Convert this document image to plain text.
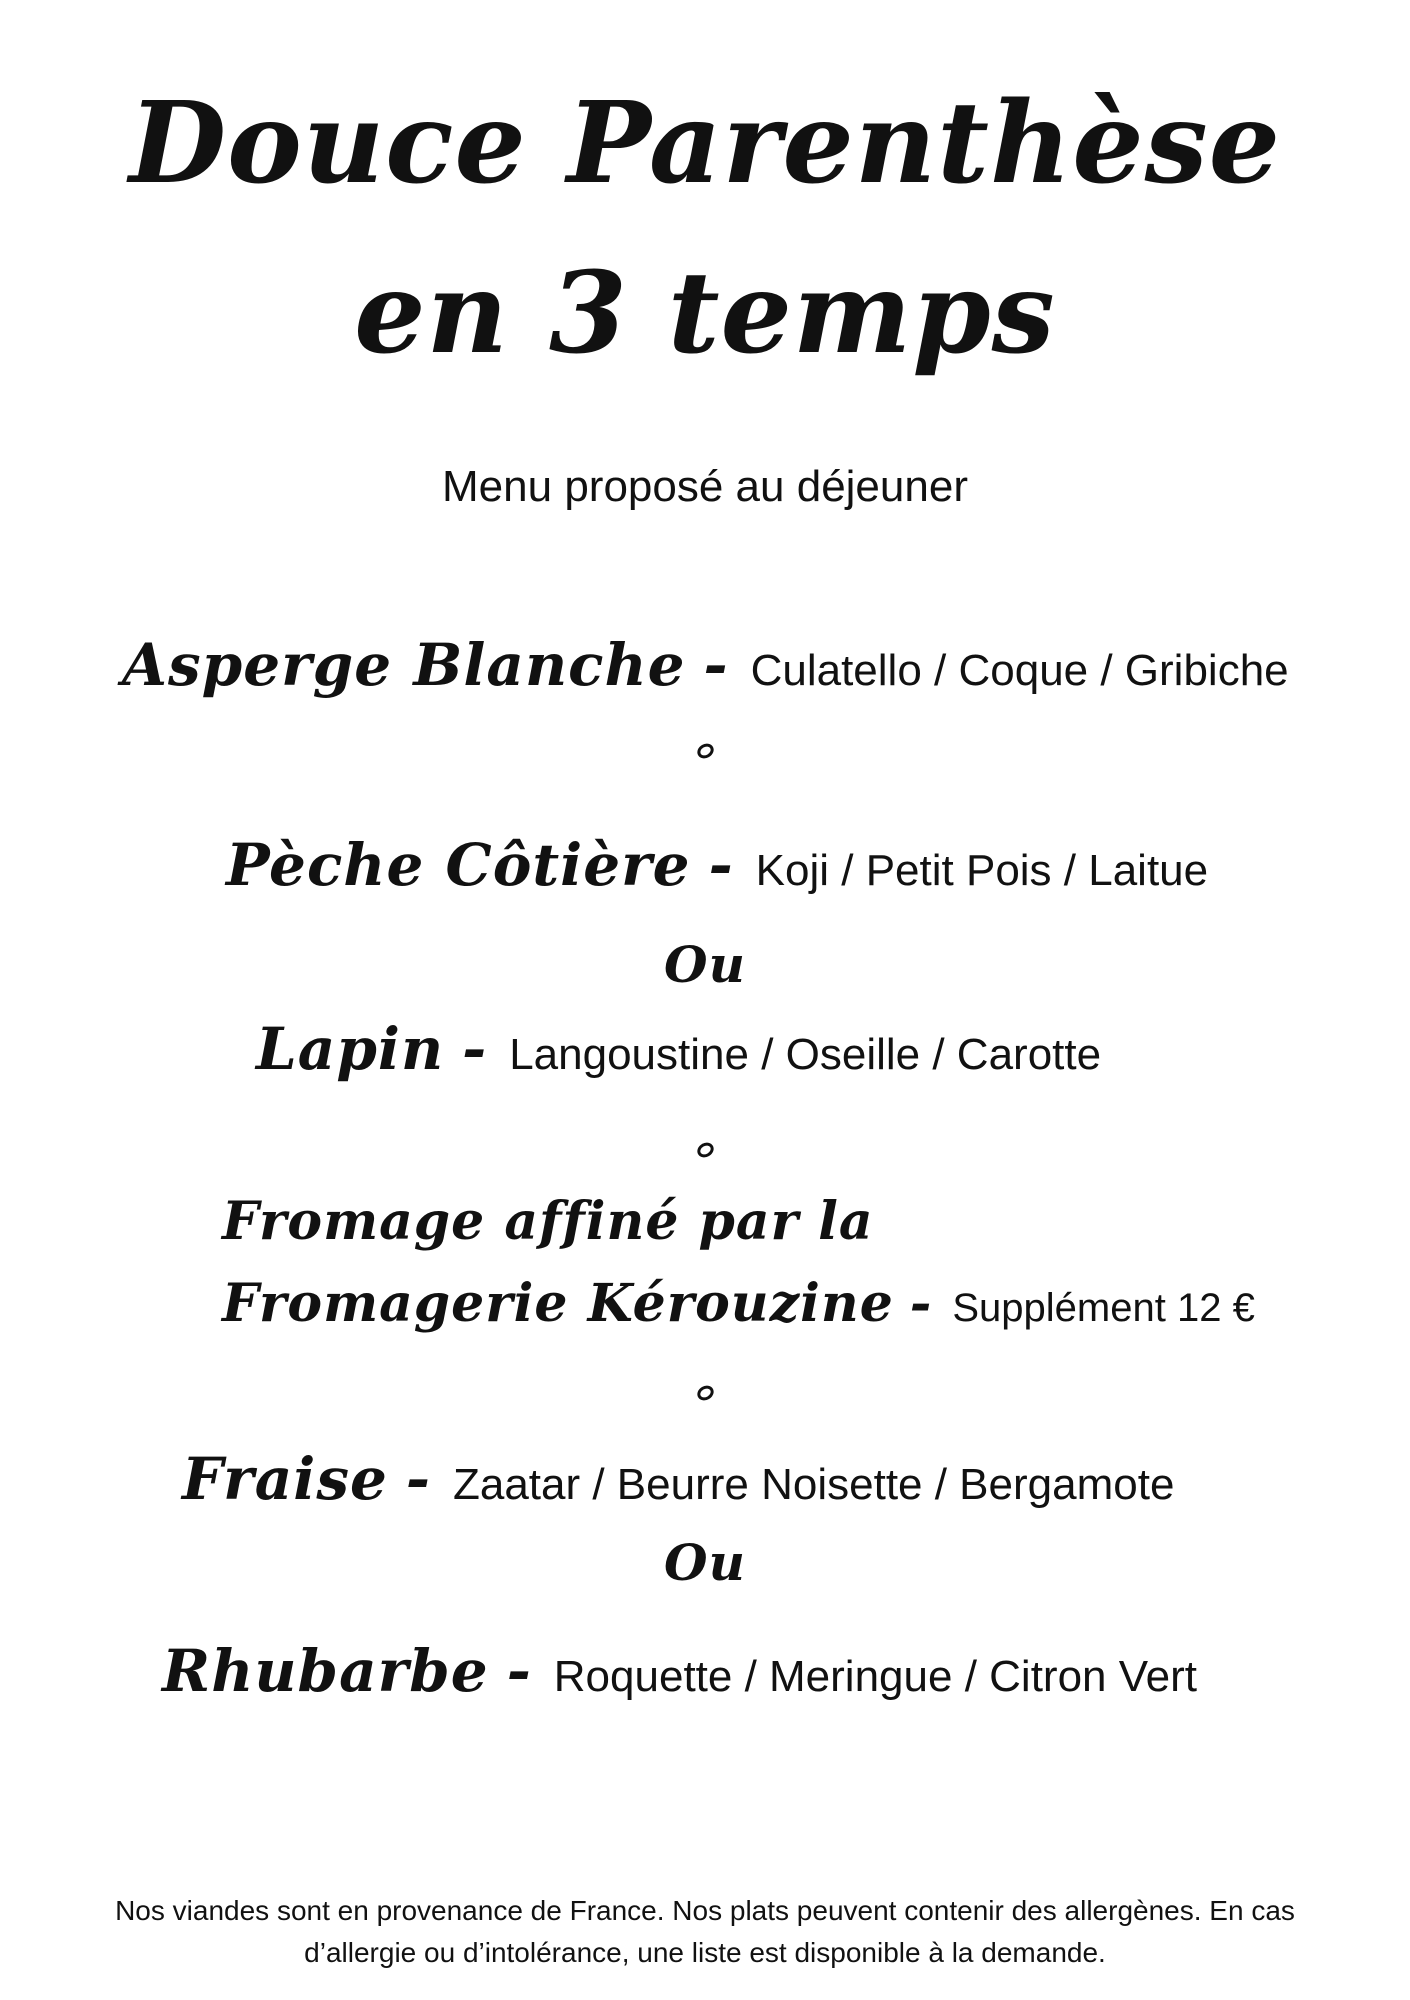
Douce Parenthèse
en 3 temps
Menu proposé au déjeuner
Asperge Blanche - Culatello / Coque / Gribiche
Pèche Côtière - Koji / Petit Pois / Laitue
Ou
Lapin - Langoustine / Oseille / Carotte
Fromage affiné par la
Fromagerie Kérouzine - Supplément 12 €
Fraise - Zaatar / Beurre Noisette / Bergamote
Ou
Rhubarbe - Roquette / Meringue / Citron Vert
Nos viandes sont en provenance de France. Nos plats peuvent contenir des allergènes. En cas
d’allergie ou d’intolérance, une liste est disponible à la demande.
